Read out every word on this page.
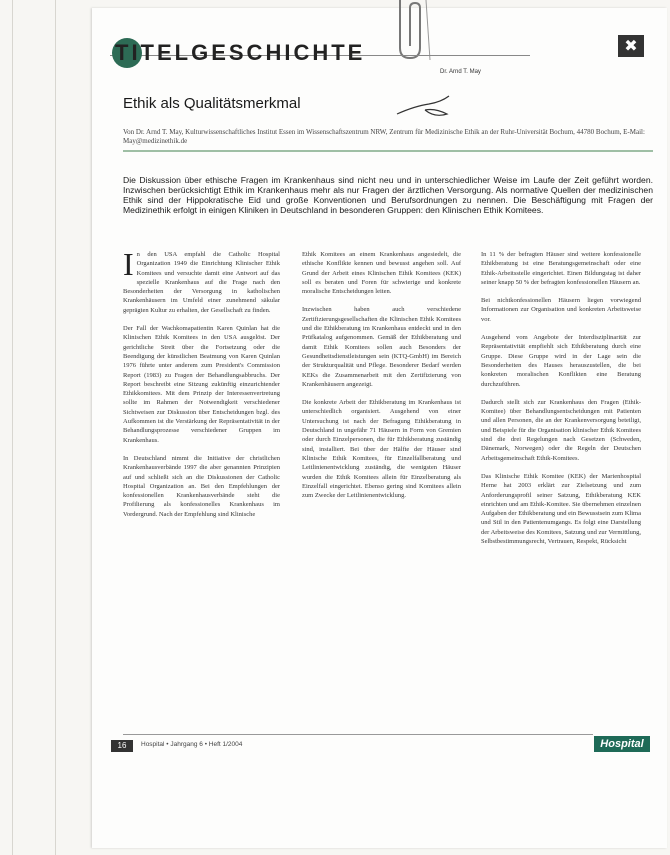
TITELGESCHICHTE
Dr. Arnd T. May
✖
Ethik als Qualitätsmerkmal
Von Dr. Arnd T. May, Kulturwissenschaftliches Institut Essen im Wissenschaftszentrum NRW, Zentrum für Medizinische Ethik an der Ruhr-Universität Bochum, 44780 Bochum, E-Mail: May@medizinethik.de
Die Diskussion über ethische Fragen im Krankenhaus sind nicht neu und in unterschiedlicher Weise im Laufe der Zeit geführt worden. Inzwischen berücksichtigt Ethik im Krankenhaus mehr als nur Fragen der ärztlichen Versorgung. Als normative Quellen der medizinischen Ethik sind der Hippokratische Eid und große Konventionen und Berufsordnungen zu nennen. Die Beschäftigung mit Fragen der Medizinethik erfolgt in einigen Kliniken in Deutschland in besonderen Gruppen: den Klinischen Ethik Komitees.

In den USA empfahl die Catholic Hospital Organization 1949 die Einrichtung Klinischer Ethik Komitees und versuchte damit eine Antwort auf das spezielle Krankenhaus auf die Frage nach den Besonderheiten der Versorgung in katholischen Krankenhäusern im Umfeld einer zunehmend säkular geprägten Kultur zu erhalten, der Gesellschaft zu finden.

Der Fall der Wachkomapatientin Karen Quinlan hat die Klinischen Ethik Komitees in den USA ausgelöst. Der gerichtliche Streit über die Fortsetzung oder die Beendigung der künstlichen Beatmung von Karen Quinlan 1976 führte unter anderem zum President's Commission Report (1983) zu Fragen der Behandlungsabbruchs. Der Report beschreibt eine Sitzung zukünftig einzurichtender Ethikkomitees. Mit dem Prinzip der Interessenvertretung sollte im Rahmen der Notwendigkeit verschiedener Sichtweisen zur Diskussion über Entscheidungen bzgl. des Aufkommen ist die Verstärkung der Repräsentativität in der Behandlungsprozesse verschiedener Gruppen im Krankenhaus.

In Deutschland nimmt die Initiative der christlichen Krankenhausverbände 1997 die aber genannten Prinzipien auf und schließt sich an die Diskussionen der Catholic Hospital Organization an. Bei den Empfehlungen der konfessionellen Krankenhausverbände steht die Profilierung als konfessionelles Krankenhaus im Vordergrund. Nach der Empfehlung sind Klinische

Ethik Komitees an einem Krankenhaus angesiedelt, die ethische Konflikte kennen und bewusst angehen soll. Auf Grund der Arbeit eines Klinischen Ethik Komitees (KEK) soll es beraten und Foren für schwierige und konkrete moralische Entscheidungen leiten.

Inzwischen haben auch verschiedene Zertifizierungsgesellschaften die Klinischen Ethik Komitees und die Ethikberatung im Krankenhaus entdeckt und in den Prüfkatalog aufgenommen. Gemäß der Ethikberatung und damit Ethik Komitees sollen auch Besonders der Gesundheitsdienstleistungen sein (KTQ-GmbH) im Bereich der Strukturqualität und Pflege. Besonderer Bedarf werden KEKs die Zusammenarbeit mit den Zertifizierung von Krankenhäusern angezeigt.

Die konkrete Arbeit der Ethikberatung im Krankenhaus ist unterschiedlich organisiert. Ausgehend von einer Untersuchung ist nach der Befragung Ethikberatung in Deutschland in ungefähr 71 Häusern in Form von Gremien oder durch Einzelpersonen, die für Ethikberatung zuständig sind, installiert. Bei über der Hälfte der Häuser sind Klinische Ethik Komitees, für Einzelfallberatung und Leitlinienentwicklung zuständig, die wenigsten Häuser wurden die Ethik Komitees allein für Einzelberatung als Einzelfall eingerichtet. Ebenso gering sind Komitees allein zum Zwecke der Leitlinienentwicklung.

In 11 % der befragten Häuser sind weitere konfessionelle Ethikberatung ist eine Beratungsgemeinschaft oder eine Ethik-Arbeitsstelle eingerichtet. Einen Bildungstag ist daher seiner knapp 50 % der befragten konfessionellen Häusern an.

Bei nichtkonfessionellen Häusern liegen vorwiegend Informationen zur Organisation und konkreten Arbeitsweise vor.

Ausgehend vom Angebote der Interdisziplinarität zur Repräsentativität empfiehlt sich Ethikberatung durch eine Gruppe. Diese Gruppe wird in der Lage sein die Besonderheiten des Hauses herauszustellen, die bei konkreten moralischen Konflikten eine Beratung durchzuführen.

Dadurch stellt sich zur Krankenhaus den Fragen (Ethik-Komitee) über Behandlungsentscheidungen mit Patienten und allen Personen, die an der Krankenversorgung beteiligt, und Beispiele für die Organisation klinischer Ethik Komitees sind die drei Regelungen nach Gesetzen (Schweden, Dänemark, Norwegen) oder die Regeln der Deutschen Arbeitsgemeinschaft Ethik-Komitees.

Das Klinische Ethik Komitee (KEK) der Marienhospital Herne hat 2003 erklärt zur Zielsetzung und zum Anforderungsprofil seiner Satzung, Ethikberatung KEK einrichten und am Ethik-Komitee. Sie übernehmen einzelnen Aufgaben der Ethikberatung und ein Bewusstsein zum Klima und Stil in den Patientenumgangs. Es folgt eine Darstellung der Arbeitsweise des Komitees, Satzung und zur Vermittlung, Selbstbestimmungsrecht, Vertrauen, Respekt, Rücksicht

16	Hospital • Jahrgang 6 • Heft 1/2004	Hospital
